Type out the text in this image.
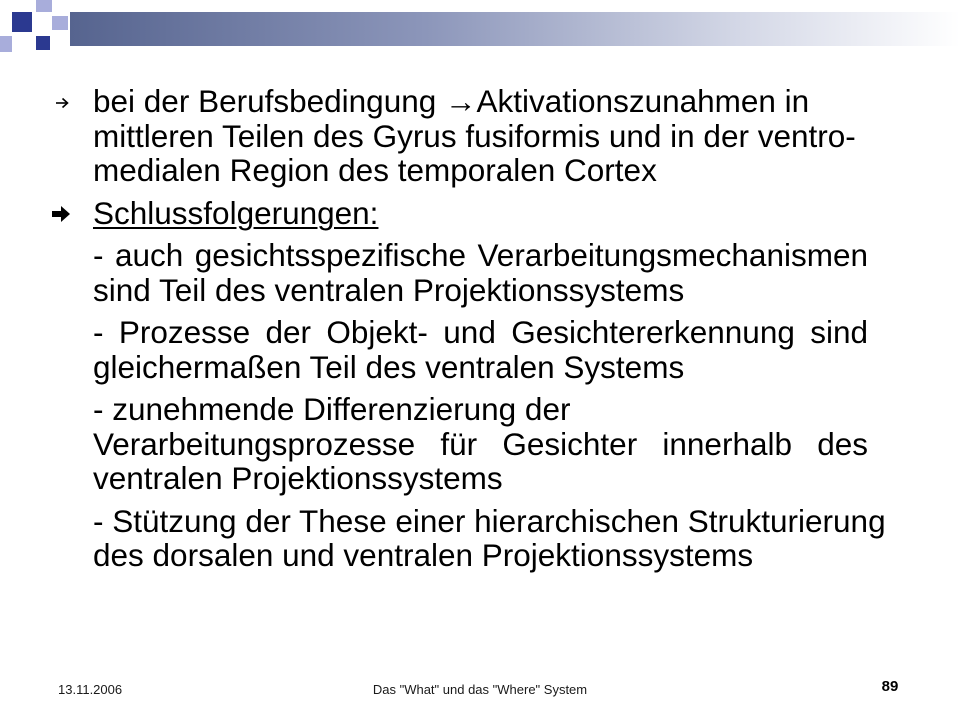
bei der Berufsbedingung →Aktivationszunahmen in
mittleren Teilen des Gyrus fusiformis und in der ventro-
medialen Region des temporalen Cortex
Schlussfolgerungen:
- auch gesichtsspezifische Verarbeitungsmechanismen
sind Teil des ventralen Projektionssystems
- Prozesse der Objekt- und Gesichtererkennung sind
gleichermaßen Teil des ventralen Systems
- zunehmende Differenzierung der
Verarbeitungsprozesse für Gesichter innerhalb des
ventralen Projektionssystems
- Stützung der These einer hierarchischen Strukturierung
des dorsalen und ventralen Projektionssystems
13.11.2006	Das "What" und das "Where" System	89
